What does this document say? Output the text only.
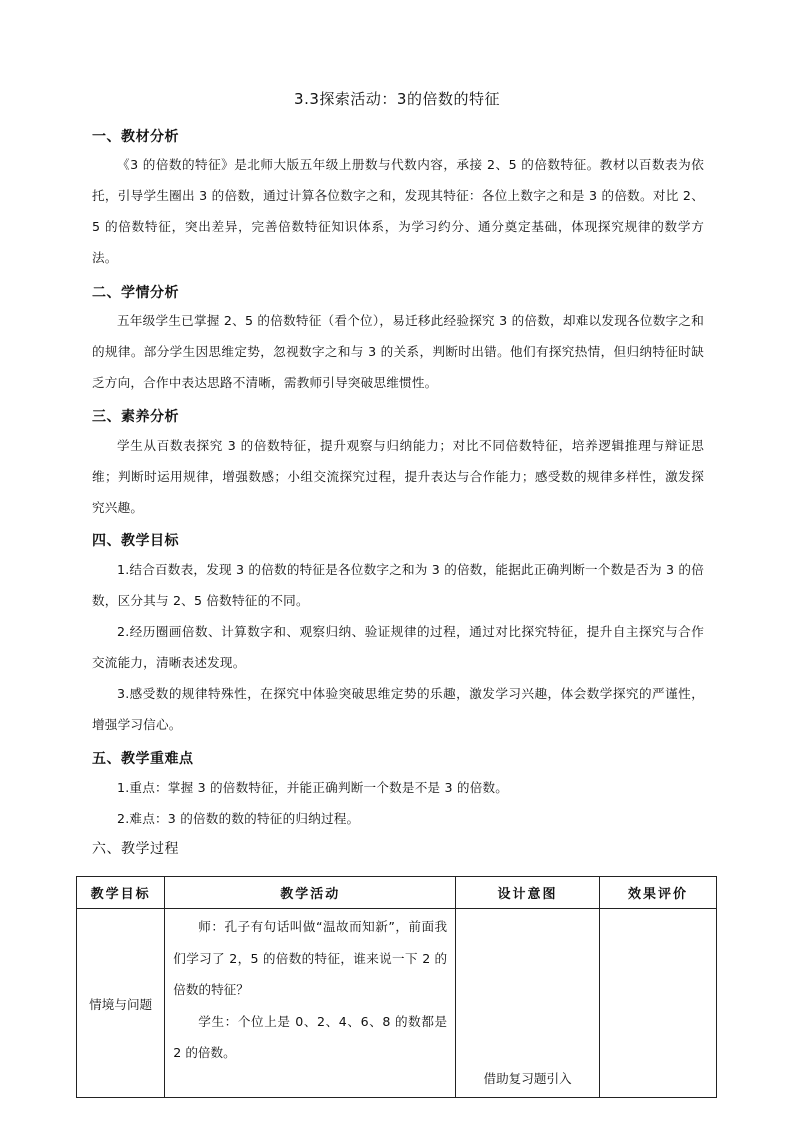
3.3探索活动：3的倍数的特征
一、教材分析
《3 的倍数的特征》是北师大版五年级上册数与代数内容，承接 2、5 的倍数特征。教材以百数表为依托，引导学生圈出 3 的倍数，通过计算各位数字之和，发现其特征：各位上数字之和是 3 的倍数。对比 2、5 的倍数特征，突出差异，完善倍数特征知识体系，为学习约分、通分奠定基础，体现探究规律的数学方法。
二、学情分析
五年级学生已掌握 2、5 的倍数特征（看个位），易迁移此经验探究 3 的倍数，却难以发现各位数字之和的规律。部分学生因思维定势，忽视数字之和与 3 的关系，判断时出错。他们有探究热情，但归纳特征时缺乏方向，合作中表达思路不清晰，需教师引导突破思维惯性。
三、素养分析
学生从百数表探究 3 的倍数特征，提升观察与归纳能力；对比不同倍数特征，培养逻辑推理与辩证思维；判断时运用规律，增强数感；小组交流探究过程，提升表达与合作能力；感受数的规律多样性，激发探究兴趣。
四、教学目标
1.结合百数表，发现 3 的倍数的特征是各位数字之和为 3 的倍数，能据此正确判断一个数是否为 3 的倍数，区分其与 2、5 倍数特征的不同。
2.经历圈画倍数、计算数字和、观察归纳、验证规律的过程，通过对比探究特征，提升自主探究与合作交流能力，清晰表述发现。
3.感受数的规律特殊性，在探究中体验突破思维定势的乐趣，激发学习兴趣，体会数学探究的严谨性，增强学习信心。
五、教学重难点
1.重点：掌握 3 的倍数特征，并能正确判断一个数是不是 3 的倍数。
2.难点：3 的倍数的数的特征的归纳过程。
六、教学过程
教学目标	教学活动	设计意图	效果评价
情境与问题	师：孔子有句话叫做“温故而知新”，前面我们学习了 2，5 的倍数的特征，谁来说一下 2 的倍数的特征？

学生：个位上是 0、2、4、6、8 的数都是 2 的倍数。	借助复习题引入	
